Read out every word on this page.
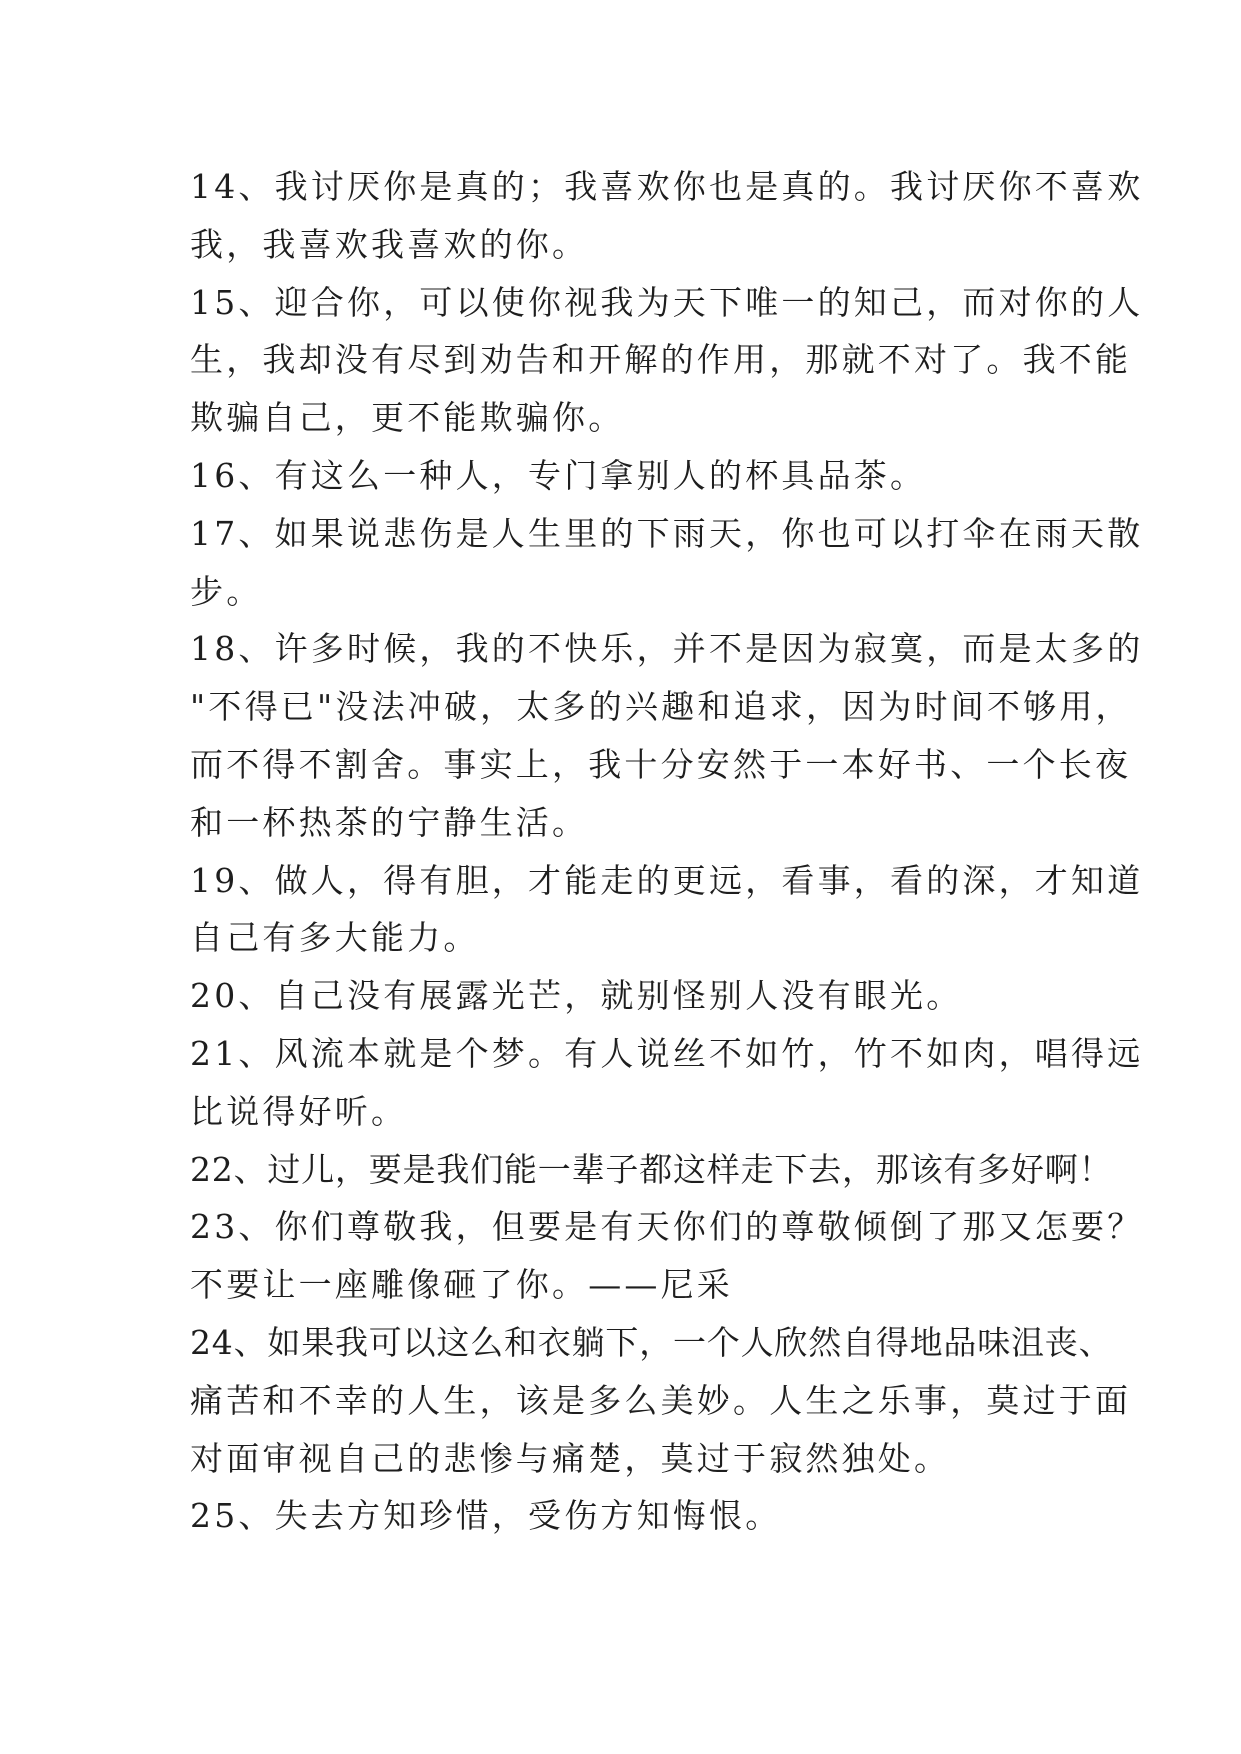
14、我讨厌你是真的；我喜欢你也是真的。我讨厌你不喜欢
我，我喜欢我喜欢的你。
15、迎合你，可以使你视我为天下唯一的知己，而对你的人
生，我却没有尽到劝告和开解的作用，那就不对了。我不能
欺骗自己，更不能欺骗你。
16、有这么一种人，专门拿别人的杯具品茶。
17、如果说悲伤是人生里的下雨天，你也可以打伞在雨天散
步。
18、许多时候，我的不快乐，并不是因为寂寞，而是太多的
"不得已"没法冲破，太多的兴趣和追求，因为时间不够用，
而不得不割舍。事实上，我十分安然于一本好书、一个长夜
和一杯热茶的宁静生活。
19、做人，得有胆，才能走的更远，看事，看的深，才知道
自己有多大能力。
20、自己没有展露光芒，就别怪别人没有眼光。
21、风流本就是个梦。有人说丝不如竹，竹不如肉，唱得远
比说得好听。
22、过儿，要是我们能一辈子都这样走下去，那该有多好啊！
23、你们尊敬我，但要是有天你们的尊敬倾倒了那又怎要？
不要让一座雕像砸了你。——尼采
24、如果我可以这么和衣躺下，一个人欣然自得地品味沮丧、
痛苦和不幸的人生，该是多么美妙。人生之乐事，莫过于面
对面审视自己的悲惨与痛楚，莫过于寂然独处。
25、失去方知珍惜，受伤方知悔恨。
